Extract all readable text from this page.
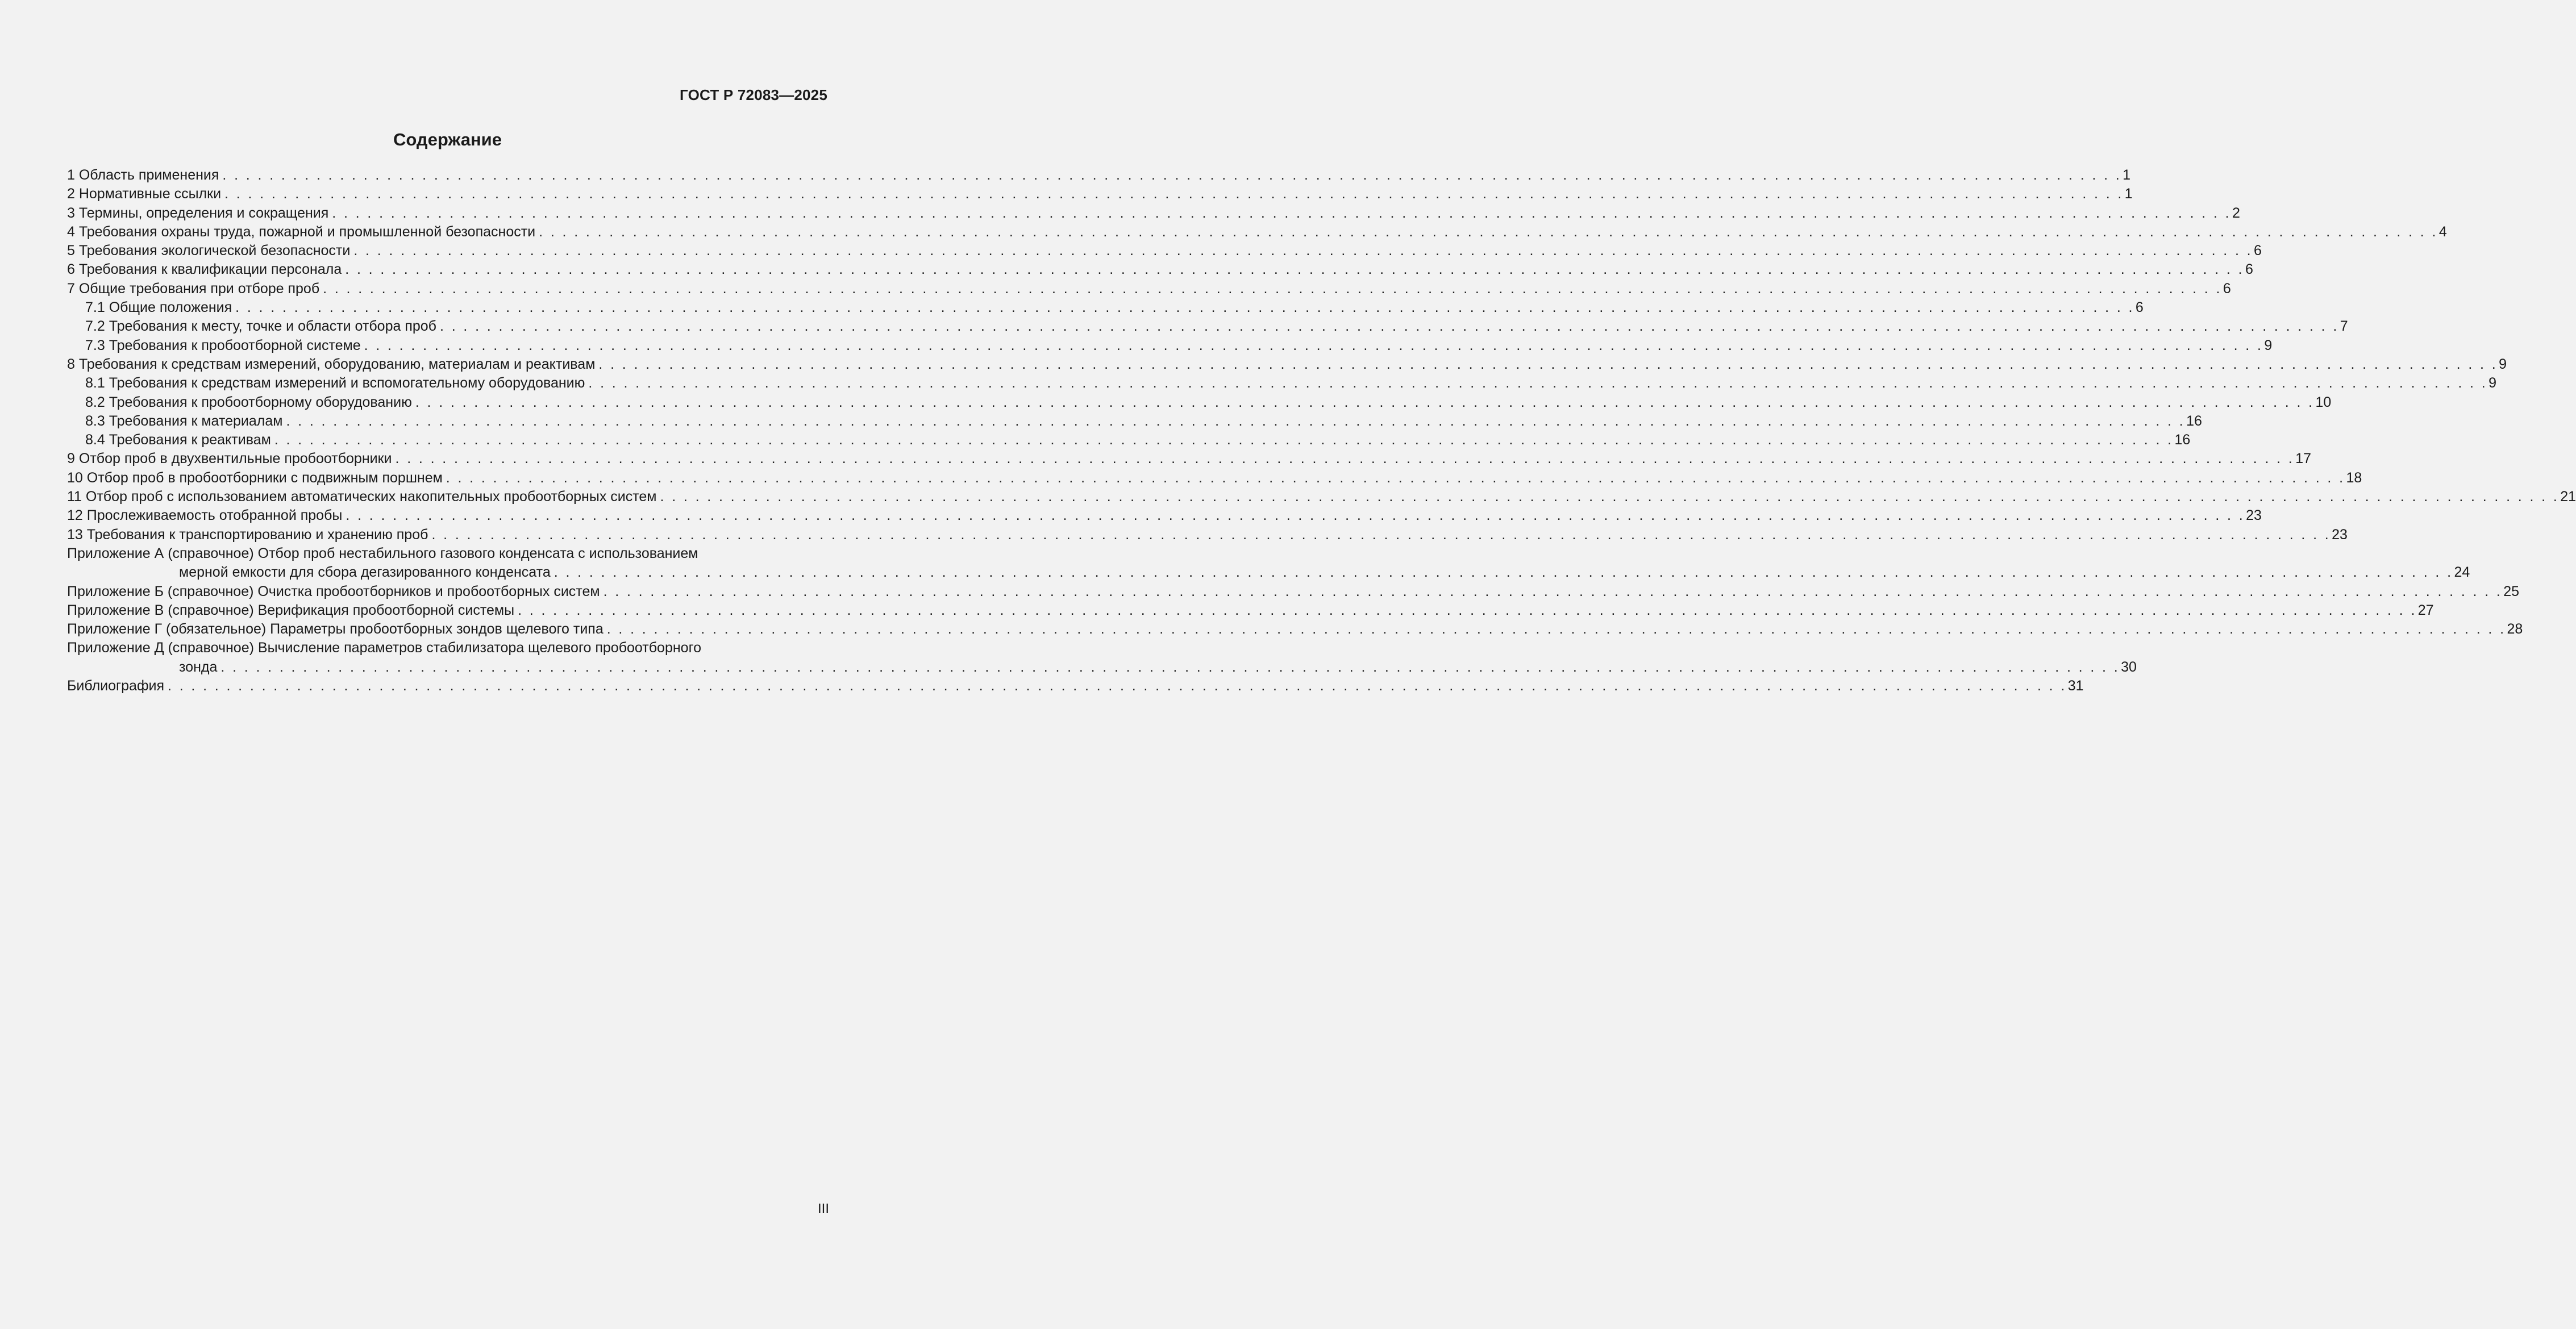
ГОСТ Р 72083—2025
Содержание
1 Область применения . . .	1
2 Нормативные ссылки . . .	1
3 Термины, определения и сокращения . . .	2
4 Требования охраны труда, пожарной и промышленной безопасности . . .	4
5 Требования экологической безопасности . . .	6
6 Требования к квалификации персонала . . .	6
7 Общие требования при отборе проб . . .	6
7.1 Общие положения . . .	6
7.2 Требования к месту, точке и области отбора проб . . .	7
7.3 Требования к пробоотборной системе . . .	9
8 Требования к средствам измерений, оборудованию, материалам и реактивам . . .	9
8.1 Требования к средствам измерений и вспомогательному оборудованию . . .	9
8.2 Требования к пробоотборному оборудованию . . .	10
8.3 Требования к материалам . . .	16
8.4 Требования к реактивам . . .	16
9 Отбор проб в двухвентильные пробоотборники . . .	17
10 Отбор проб в пробоотборники с подвижным поршнем . . .	18
11 Отбор проб с использованием автоматических накопительных пробоотборных систем . . .	21
12 Прослеживаемость отобранной пробы . . .	23
13 Требования к транспортированию и хранению проб . . .	23
Приложение А (справочное) Отбор проб нестабильного газового конденсата с использованием
мерной емкости для сбора дегазированного конденсата . . .	24
Приложение Б (справочное) Очистка пробоотборников и пробоотборных систем . . .	25
Приложение В (справочное) Верификация пробоотборной системы . . .	27
Приложение Г (обязательное) Параметры пробоотборных зондов щелевого типа . . .	28
Приложение Д (справочное) Вычисление параметров стабилизатора щелевого пробоотборного
зонда . . .	30
Библиография . . .	31
III
